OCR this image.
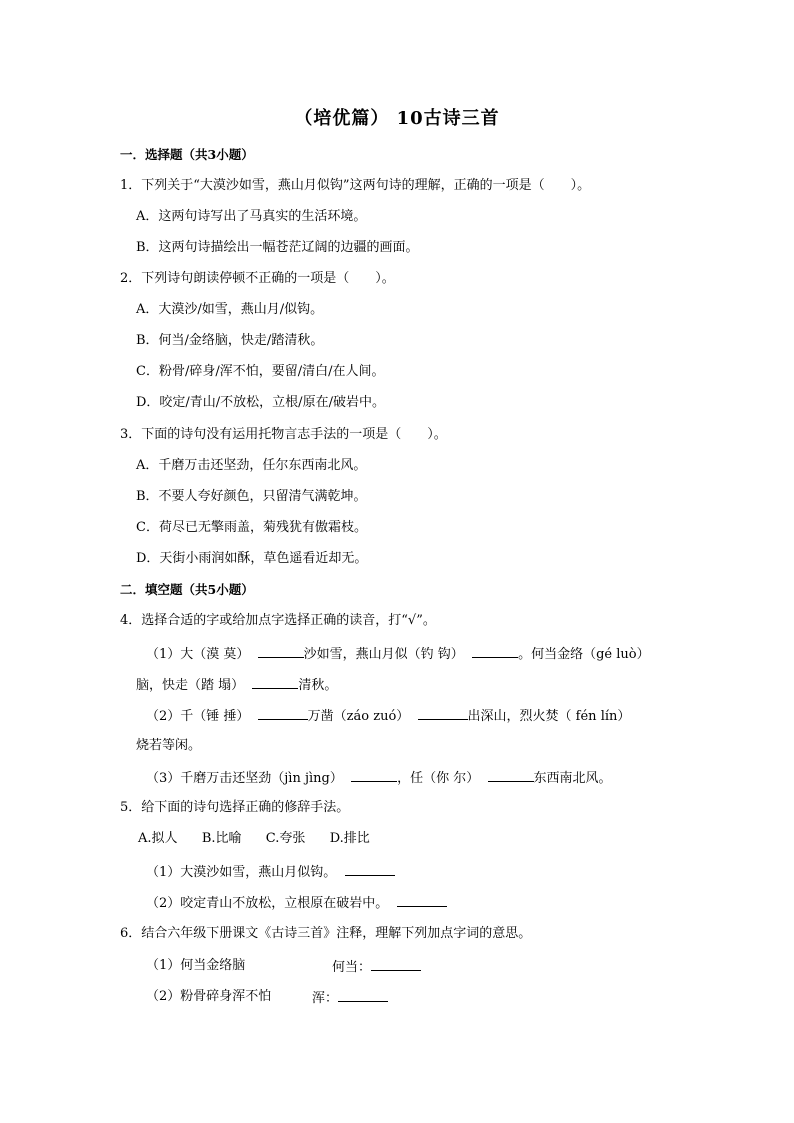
（培优篇） 10古诗三首
一．选择题（共3小题）
1．下列关于“大漠沙如雪，燕山月似钩”这两句诗的理解，正确的一项是（　　）。
A．这两句诗写出了马真实的生活环境。
B．这两句诗描绘出一幅苍茫辽阔的边疆的画面。
2．下列诗句朗读停顿不正确的一项是（　　）。
A．大漠沙/如雪，燕山月/似钩。
B．何当/金络脑，快走/踏清秋。
C．粉骨/碎身/浑不怕，要留/清白/在人间。
D．咬定/青山/不放松，立根/原在/破岩中。
3．下面的诗句没有运用托物言志手法的一项是（　　）。
A．千磨万击还坚劲，任尔东西南北风。
B．不要人夸好颜色，只留清气满乾坤。
C．荷尽已无擎雨盖，菊残犹有傲霜枝。
D．天街小雨润如酥，草色遥看近却无。
二．填空题（共5小题）
4．选择合适的字或给加点字选择正确的读音，打“√”。
（1）大（漠 莫）	沙如雪，燕山月似（钓 钩）	。何当金络（gé luò）
脑，快走（踏 塌）	清秋。
（2）千（锤 捶）	万凿（záo zuó）	出深山，烈火焚（ fén lín）
烧若等闲。
（3）千磨万击还坚劲（jìn jìng）	，任（你 尔）	东西南北风。
5．给下面的诗句选择正确的修辞手法。
A.拟人 B.比喻 C.夸张 D.排比
（1）大漠沙如雪，燕山月似钩。
（2）咬定青山不放松，立根原在破岩中。
6．结合六年级下册课文《古诗三首》注释，理解下列加点字词的意思。
（1）何当金络脑	何当：
（2）粉骨碎身浑不怕	浑：
